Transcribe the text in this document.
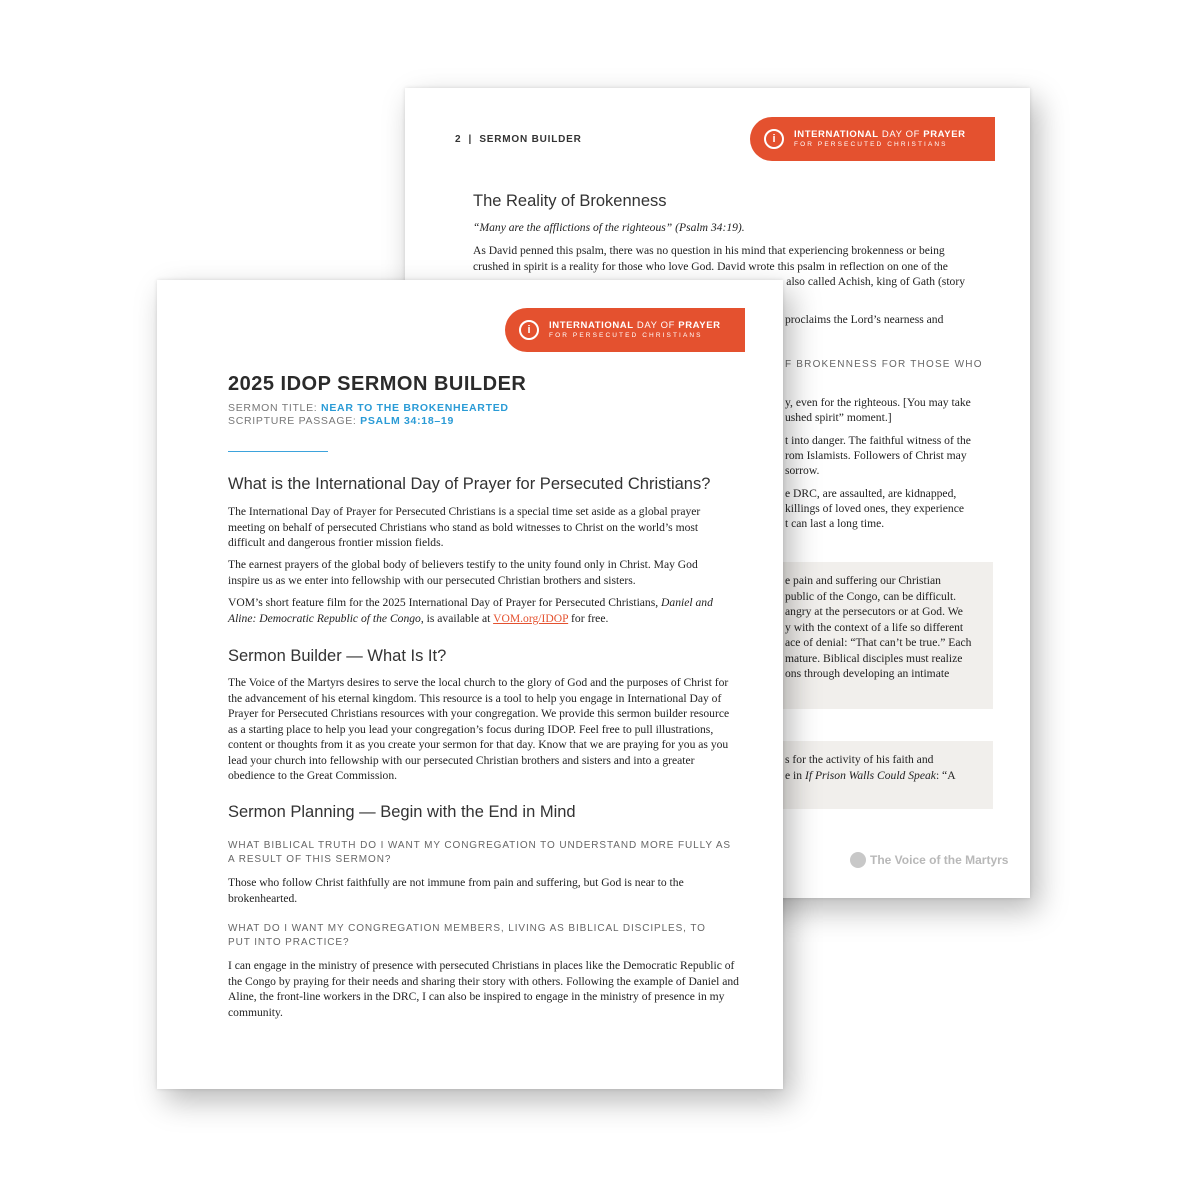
2 | SERMON BUILDER	i	INTERNATIONAL DAY OF PRAYER
FOR PERSECUTED CHRISTIANS
The Reality of Brokenness
“Many are the afflictions of the righteous” (Psalm 34:19).
As David penned this psalm, there was no question in his mind that experiencing brokenness or being
crushed in spirit is a reality for those who love God. David wrote this psalm in reflection on one of the
also called Achish, king of Gath (story
proclaims the Lord’s nearness and
F BROKENNESS FOR THOSE WHO
y, even for the righteous. [You may take
ushed spirit” moment.]
t into danger. The faithful witness of the
rom Islamists. Followers of Christ may
sorrow.
e DRC, are assaulted, are kidnapped,
killings of loved ones, they experience
t can last a long time.
e pain and suffering our Christian
public of the Congo, can be difficult.
angry at the persecutors or at God. We
y with the context of a life so different
ace of denial: “That can’t be true.” Each
mature. Biblical disciples must realize
ons through developing an intimate
s for the activity of his faith and
e in If Prison Walls Could Speak: “A
The Voice of the Martyrs
i	INTERNATIONAL DAY OF PRAYER
FOR PERSECUTED CHRISTIANS
2025 IDOP SERMON BUILDER
SERMON TITLE: NEAR TO THE BROKENHEARTED
SCRIPTURE PASSAGE: PSALM 34:18–19
What is the International Day of Prayer for Persecuted Christians?
The International Day of Prayer for Persecuted Christians is a special time set aside as a global prayer meeting on behalf of persecuted Christians who stand as bold witnesses to Christ on the world’s most difficult and dangerous frontier mission fields.
The earnest prayers of the global body of believers testify to the unity found only in Christ. May God inspire us as we enter into fellowship with our persecuted Christian brothers and sisters.
VOM’s short feature film for the 2025 International Day of Prayer for Persecuted Christians, Daniel and Aline: Democratic Republic of the Congo, is available at VOM.org/IDOP for free.
Sermon Builder — What Is It?
The Voice of the Martyrs desires to serve the local church to the glory of God and the purposes of Christ for the advancement of his eternal kingdom. This resource is a tool to help you engage in International Day of Prayer for Persecuted Christians resources with your congregation. We provide this sermon builder resource as a starting place to help you lead your congregation’s focus during IDOP. Feel free to pull illustrations, content or thoughts from it as you create your sermon for that day. Know that we are praying for you as you lead your church into fellowship with our persecuted Christian brothers and sisters and into a greater obedience to the Great Commission.
Sermon Planning — Begin with the End in Mind
WHAT BIBLICAL TRUTH DO I WANT MY CONGREGATION TO UNDERSTAND MORE FULLY AS A RESULT OF THIS SERMON?
Those who follow Christ faithfully are not immune from pain and suffering, but God is near to the brokenhearted.
WHAT DO I WANT MY CONGREGATION MEMBERS, LIVING AS BIBLICAL DISCIPLES, TO PUT INTO PRACTICE?
I can engage in the ministry of presence with persecuted Christians in places like the Democratic Republic of the Congo by praying for their needs and sharing their story with others. Following the example of Daniel and Aline, the front-line workers in the DRC, I can also be inspired to engage in the ministry of presence in my community.
